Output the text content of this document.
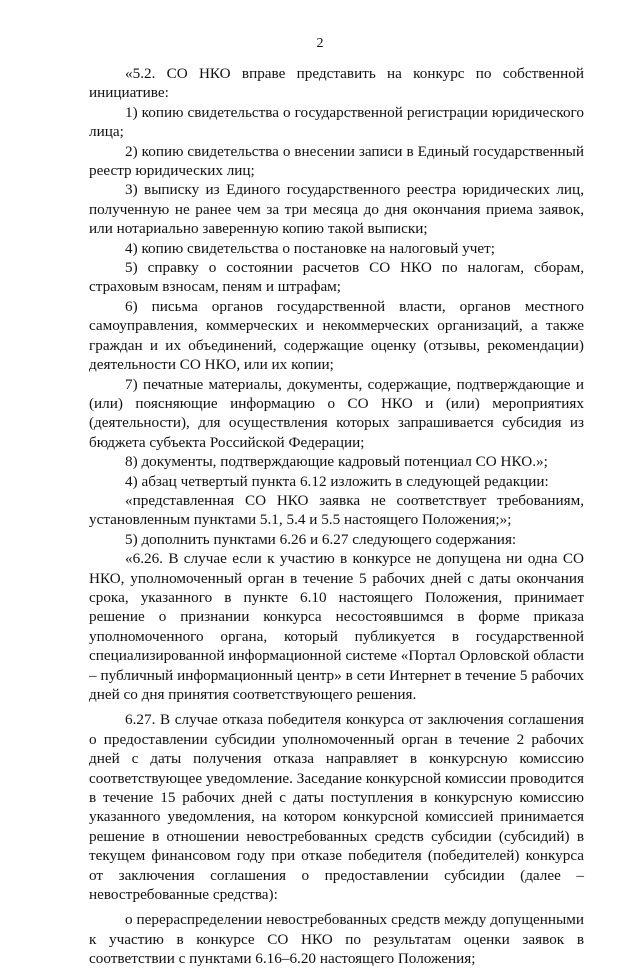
2

«5.2. СО НКО вправе представить на конкурс по собственной инициативе:

1) копию свидетельства о государственной регистрации юридического лица;

2) копию свидетельства о внесении записи в Единый государственный реестр юридических лиц;

3) выписку из Единого государственного реестра юридических лиц, полученную не ранее чем за три месяца до дня окончания приема заявок, или нотариально заверенную копию такой выписки;

4) копию свидетельства о постановке на налоговый учет;

5) справку о состоянии расчетов СО НКО по налогам, сборам, страховым взносам, пеням и штрафам;

6) письма органов государственной власти, органов местного самоуправления, коммерческих и некоммерческих организаций, а также граждан и их объединений, содержащие оценку (отзывы, рекомендации) деятельности СО НКО, или их копии;

7) печатные материалы, документы, содержащие, подтверждающие и (или) поясняющие информацию о СО НКО и (или) мероприятиях (деятельности), для осуществления которых запрашивается субсидия из бюджета субъекта Российской Федерации;

8) документы, подтверждающие кадровый потенциал СО НКО.»;

4) абзац четвертый пункта 6.12 изложить в следующей редакции:

«представленная СО НКО заявка не соответствует требованиям, установленным пунктами 5.1, 5.4 и 5.5 настоящего Положения;»;

5) дополнить пунктами 6.26 и 6.27 следующего содержания:

«6.26. В случае если к участию в конкурсе не допущена ни одна СО НКО, уполномоченный орган в течение 5 рабочих дней с даты окончания срока, указанного в пункте 6.10 настоящего Положения, принимает решение о признании конкурса несостоявшимся в форме приказа уполномоченного органа, который публикуется в государственной специализированной информационной системе «Портал Орловской области – публичный информационный центр» в сети Интернет в течение 5 рабочих дней со дня принятия соответствующего решения.

6.27. В случае отказа победителя конкурса от заключения соглашения о предоставлении субсидии уполномоченный орган в течение 2 рабочих дней с даты получения отказа направляет в конкурсную комиссию соответствующее уведомление. Заседание конкурсной комиссии проводится в течение 15 рабочих дней с даты поступления в конкурсную комиссию указанного уведомления, на котором конкурсной комиссией принимается решение в отношении невостребованных средств субсидии (субсидий) в текущем финансовом году при отказе победителя (победителей) конкурса от заключения соглашения о предоставлении субсидии (далее – невостребованные средства):

о перераспределении невостребованных средств между допущенными к участию в конкурсе СО НКО по результатам оценки заявок в соответствии с пунктами 6.16–6.20 настоящего Положения;
